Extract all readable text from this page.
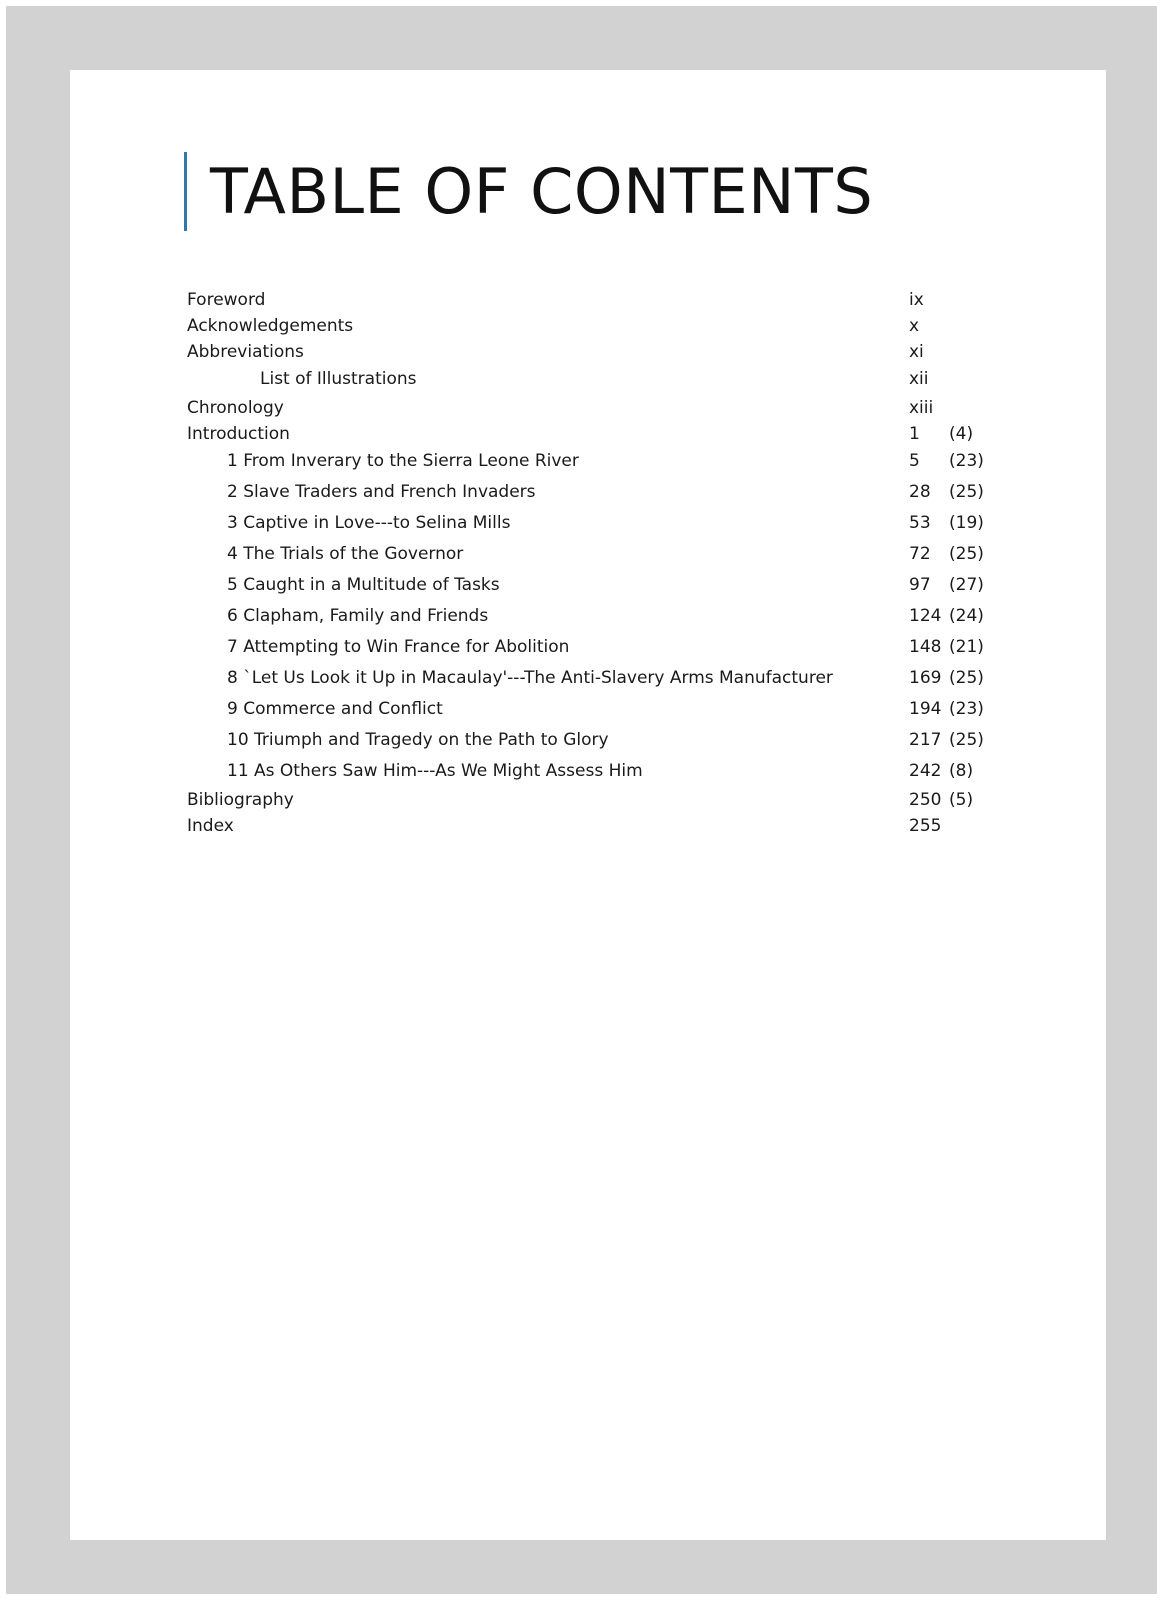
TABLE OF CONTENTS
Foreword	ix
Acknowledgements	x
Abbreviations	xi
List of Illustrations	xii
Chronology	xiii
Introduction	1 (4)
1 From Inverary to the Sierra Leone River	5 (23)
2 Slave Traders and French Invaders	28 (25)
3 Captive in Love---to Selina Mills	53 (19)
4 The Trials of the Governor	72 (25)
5 Caught in a Multitude of Tasks	97 (27)
6 Clapham, Family and Friends	124 (24)
7 Attempting to Win France for Abolition	148 (21)
8 `Let Us Look it Up in Macaulay'---The Anti-Slavery Arms Manufacturer	169 (25)
9 Commerce and Conflict	194 (23)
10 Triumph and Tragedy on the Path to Glory	217 (25)
11 As Others Saw Him---As We Might Assess Him	242 (8)
Bibliography	250 (5)
Index	255
